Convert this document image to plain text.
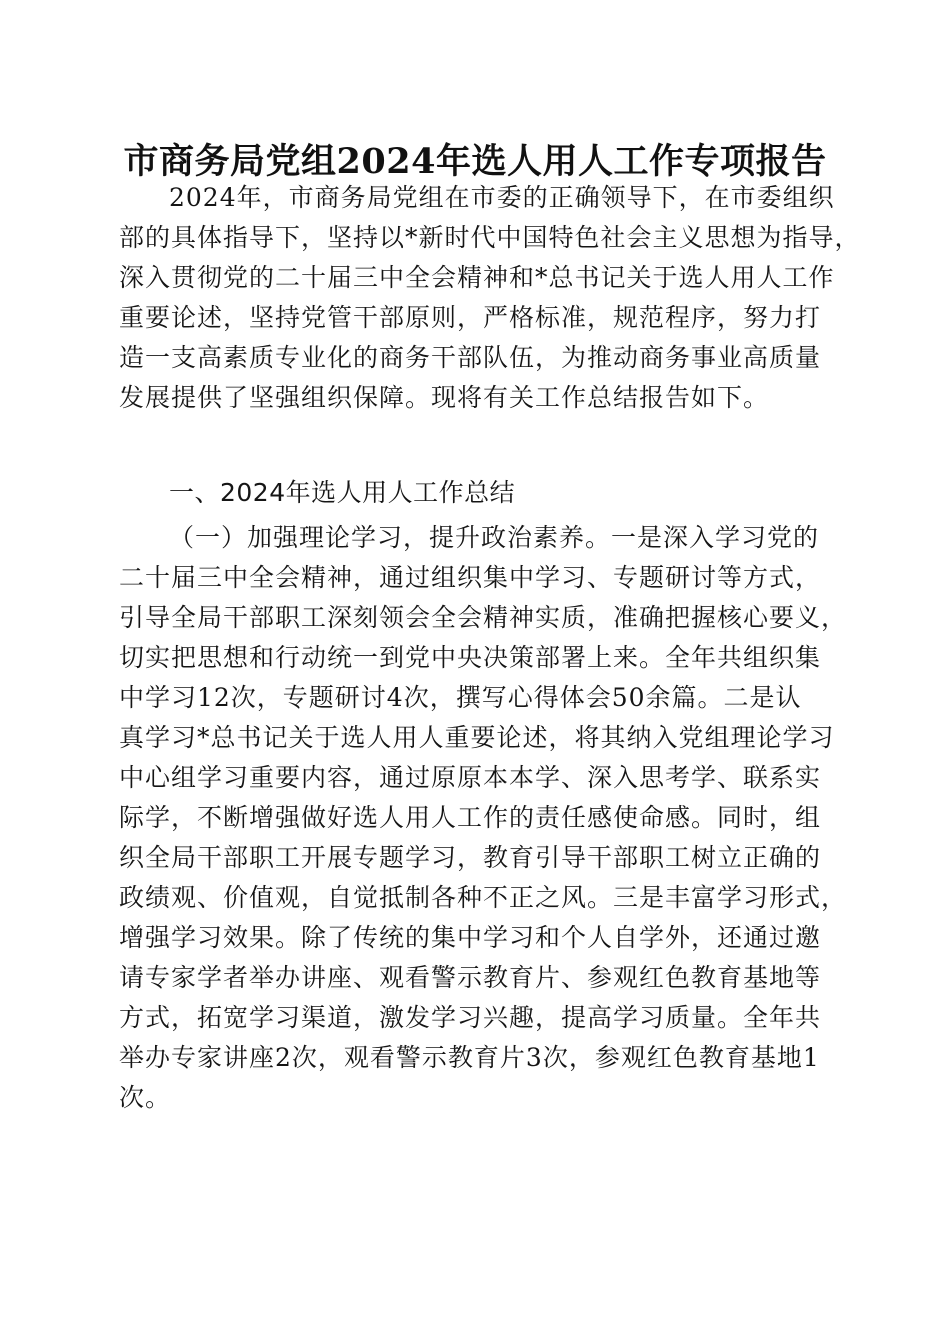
市商务局党组2024年选人用人工作专项报告

2024年，市商务局党组在市委的正确领导下，在市委组织

部的具体指导下，坚持以*新时代中国特色社会主义思想为指导，

深入贯彻党的二十届三中全会精神和*总书记关于选人用人工作

重要论述，坚持党管干部原则，严格标准，规范程序，努力打

造一支高素质专业化的商务干部队伍，为推动商务事业高质量

发展提供了坚强组织保障。现将有关工作总结报告如下。

一、2024年选人用人工作总结

（一）加强理论学习，提升政治素养。一是深入学习党的

二十届三中全会精神，通过组织集中学习、专题研讨等方式，

引导全局干部职工深刻领会全会精神实质，准确把握核心要义，

切实把思想和行动统一到党中央决策部署上来。全年共组织集

中学习12次，专题研讨4次，撰写心得体会50余篇。二是认

真学习*总书记关于选人用人重要论述，将其纳入党组理论学习

中心组学习重要内容，通过原原本本学、深入思考学、联系实

际学，不断增强做好选人用人工作的责任感使命感。同时，组

织全局干部职工开展专题学习，教育引导干部职工树立正确的

政绩观、价值观，自觉抵制各种不正之风。三是丰富学习形式，

增强学习效果。除了传统的集中学习和个人自学外，还通过邀

请专家学者举办讲座、观看警示教育片、参观红色教育基地等

方式，拓宽学习渠道，激发学习兴趣，提高学习质量。全年共

举办专家讲座2次，观看警示教育片3次，参观红色教育基地1

次。
